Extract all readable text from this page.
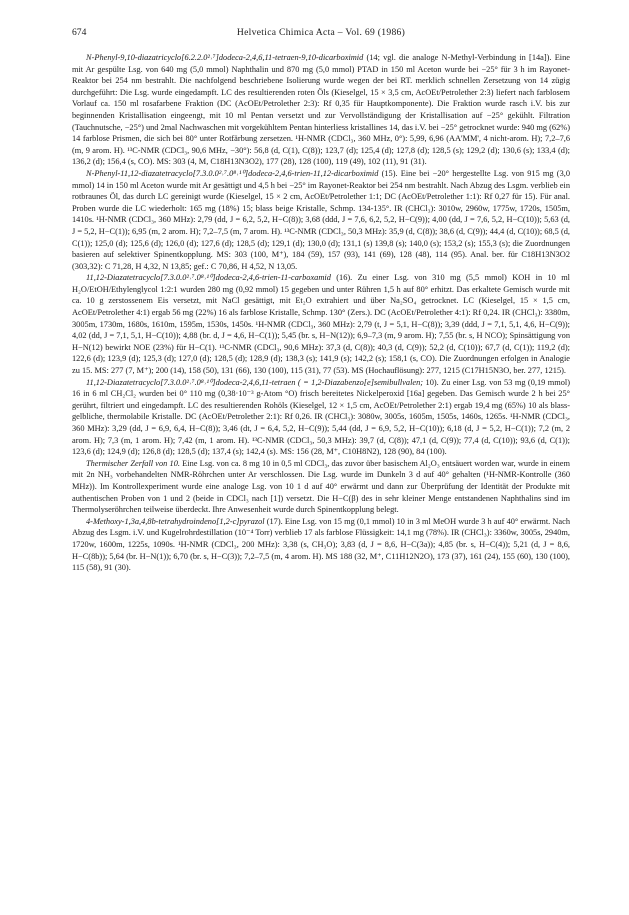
674	Helvetica Chimica Acta – Vol. 69 (1986)

N-Phenyl-9,10-diazatricyclo[6.2.2.0²˒⁷]dodeca-2,4,6,11-tetraen-9,10-dicarboximid (14; vgl. die analoge N-Methyl-Verbindung in [14a]). Eine mit Ar gespülte Lsg. von 640 mg (5,0 mmol) Naphthalin und 870 mg (5,0 mmol) PTAD in 150 ml Aceton wurde bei −25° für 3 h im Rayonet-Reaktor bei 254 nm bestrahlt. Die nachfolgend beschriebene Isolierung wurde wegen der bei RT. merklich schnellen Zersetzung von 14 zügig durchgeführt: Die Lsg. wurde eingedampft. LC des resultierenden roten Öls (Kieselgel, 15 × 3,5 cm, AcOEt/Petrolether 2:3) liefert nach farblosem Vorlauf ca. 150 ml rosafarbene Fraktion (DC (AcOEt/Petrolether 2:3): Rf 0,35 für Hauptkomponente). Die Fraktion wurde rasch i.V. bis zur beginnenden Kristallisation eingeengt, mit 10 ml Pentan versetzt und zur Vervollständigung der Kristallisation auf −25° gekühlt. Filtration (Tauchnutsche, −25°) und 2mal Nachwaschen mit vorgekühltem Pentan hinterliess kristallines 14, das i.V. bei −25° getrocknet wurde: 940 mg (62%) 14 farblose Prismen, die sich bei 80° unter Rotfärbung zersetzen. ¹H-NMR (CDCl₃, 360 MHz, 0°): 5,99, 6,96 (AA'MM', 4 nicht-arom. H); 7,2–7,6 (m, 9 arom. H). ¹³C-NMR (CDCl₃, 90,6 MHz, −30°): 56,8 (d, C(1), C(8)); 123,7 (d); 125,4 (d); 127,8 (d); 128,5 (s); 129,2 (d); 130,6 (s); 133,4 (d); 136,2 (d); 156,4 (s, CO). MS: 303 (4, M, C18H13N3O2), 177 (28), 128 (100), 119 (49), 102 (11), 91 (31).

N-Phenyl-11,12-diazatetracyclo[7.3.0.0²˒⁷.0⁸˒¹⁰]dodeca-2,4,6-trien-11,12-dicarboximid (15). Eine bei −20° hergestellte Lsg. von 915 mg (3,0 mmol) 14 in 150 ml Aceton wurde mit Ar gesättigt und 4,5 h bei −25° im Rayonet-Reaktor bei 254 nm bestrahlt. Nach Abzug des Lsgm. verblieb ein rotbraunes Öl, das durch LC gereinigt wurde (Kieselgel, 15 × 2 cm, AcOEt/Petrolether 1:1; DC (AcOEt/Petrolether 1:1): Rf 0,27 für 15). Für anal. Proben wurde die LC wiederholt: 165 mg (18%) 15; blass beige Kristalle, Schmp. 134-135°. IR (CHCl₃): 3010w, 2960w, 1775w, 1720s, 1505m, 1410s. ¹H-NMR (CDCl₃, 360 MHz): 2,79 (dd, J = 6,2, 5,2, H−C(8)); 3,68 (ddd, J = 7,6, 6,2, 5,2, H−C(9)); 4,00 (dd, J = 7,6, 5,2, H−C(10)); 5,63 (d, J = 5,2, H−C(1)); 6,95 (m, 2 arom. H); 7,2–7,5 (m, 7 arom. H). ¹³C-NMR (CDCl₃, 50,3 MHz): 35,9 (d, C(8)); 38,6 (d, C(9)); 44,4 (d, C(10)); 68,5 (d, C(1)); 125,0 (d); 125,6 (d); 126,0 (d); 127,6 (d); 128,5 (d); 129,1 (d); 130,0 (d); 131,1 (s) 139,8 (s); 140,0 (s); 153,2 (s); 155,3 (s); die Zuordnungen basieren auf selektiver Spinentkopplung. MS: 303 (100, M⁺), 184 (59), 157 (93), 141 (69), 128 (48), 114 (95). Anal. ber. für C18H13N3O2 (303,32): C 71,28, H 4,32, N 13,85; gef.: C 70,86, H 4,52, N 13,05.

11,12-Diazatetracyclo[7.3.0.0²˒⁷.0⁸˒¹⁰]dodeca-2,4,6-trien-11-carboxamid (16). Zu einer Lsg. von 310 mg (5,5 mmol) KOH in 10 ml H₂O/EtOH/Ethylenglycol 1:2:1 wurden 280 mg (0,92 mmol) 15 gegeben und unter Rühren 1,5 h auf 80° erhitzt. Das erkaltete Gemisch wurde mit ca. 10 g zerstossenem Eis versetzt, mit NaCl gesättigt, mit Et₂O extrahiert und über Na₂SO₄ getrocknet. LC (Kieselgel, 15 × 1,5 cm, AcOEt/Petrolether 4:1) ergab 56 mg (22%) 16 als farblose Kristalle, Schmp. 130° (Zers.). DC (AcOEt/Petrolether 4:1): Rf 0,24. IR (CHCl₃): 3380m, 3005m, 1730m, 1680s, 1610m, 1595m, 1530s, 1450s. ¹H-NMR (CDCl₃, 360 MHz): 2,79 (t, J = 5,1, H−C(8)); 3,39 (ddd, J = 7,1, 5,1, 4,6, H−C(9)); 4,02 (dd, J = 7,1, 5,1, H−C(10)); 4,88 (br. d, J = 4,6, H−C(1)); 5,45 (br. s, H−N(12)); 6,9–7,3 (m, 9 arom. H); 7,55 (br. s, H NCO); Spinsättigung von H−N(12) bewirkt NOE (23%) für H−C(1). ¹³C-NMR (CDCl₃, 90,6 MHz): 37,3 (d, C(8)); 40,3 (d, C(9)); 52,2 (d, C(10)); 67,7 (d, C(1)); 119,2 (d); 122,6 (d); 123,9 (d); 125,3 (d); 127,0 (d); 128,5 (d); 128,9 (d); 138,3 (s); 141,9 (s); 142,2 (s); 158,1 (s, CO). Die Zuordnungen erfolgen in Analogie zu 15. MS: 277 (7, M⁺); 200 (14), 158 (50), 131 (66), 130 (100), 115 (31), 77 (53). MS (Hochauflösung): 277, 1215 (C17H15N3O, ber. 277, 1215).

11,12-Diazatetracyclo[7.3.0.0²˒⁷.0⁸˒¹⁰]dodeca-2,4,6,11-tetraen ( = 1,2-Diazabenzo[e]semibullvalen; 10). Zu einer Lsg. von 53 mg (0,19 mmol) 16 in 6 ml CH₂Cl₂ wurden bei 0° 110 mg (0,38·10⁻³ g-Atom °O) frisch bereitetes Nickelperoxid [16a] gegeben. Das Gemisch wurde 2 h bei 25° gerührt, filtriert und eingedampft. LC des resultierenden Rohöls (Kieselgel, 12 × 1,5 cm, AcOEt/Petrolether 2:1) ergab 19,4 mg (65%) 10 als blass-gelbliche, thermolabile Kristalle. DC (AcOEt/Petrolether 2:1): Rf 0,26. IR (CHCl₃): 3080w, 3005s, 1605m, 1505s, 1460s, 1265s. ¹H-NMR (CDCl₃, 360 MHz): 3,29 (dd, J = 6,9, 6,4, H−C(8)); 3,46 (dt, J = 6,4, 5,2, H−C(9)); 5,44 (dd, J = 6,9, 5,2, H−C(10)); 6,18 (d, J = 5,2, H−C(1)); 7,2 (m, 2 arom. H); 7,3 (m, 1 arom. H); 7,42 (m, 1 arom. H). ¹³C-NMR (CDCl₃, 50,3 MHz): 39,7 (d, C(8)); 47,1 (d, C(9)); 77,4 (d, C(10)); 93,6 (d, C(1)); 123,6 (d); 124,9 (d); 126,8 (d); 128,5 (d); 137,4 (s); 142,4 (s). MS: 156 (28, M⁺, C10H8N2), 128 (90), 84 (100).

Thermischer Zerfall von 10. Eine Lsg. von ca. 8 mg 10 in 0,5 ml CDCl₃, das zuvor über basischem Al₂O₃ entsäuert worden war, wurde in einem mit 2n NH₃ vorbehandelten NMR-Röhrchen unter Ar verschlossen. Die Lsg. wurde im Dunkeln 3 d auf 40° gehalten (¹H-NMR-Kontrolle (360 MHz)). Im Kontrollexperiment wurde eine analoge Lsg. von 10 1 d auf 40° erwärmt und dann zur Überprüfung der Identität der Produkte mit authentischen Proben von 1 und 2 (beide in CDCl₃ nach [1]) versetzt. Die H−C(β) des in sehr kleiner Menge entstandenen Naphthalins sind im Thermolyseröhrchen teilweise überdeckt. Ihre Anwesenheit wurde durch Spinentkopplung belegt.

4-Methoxy-1,3a,4,8b-tetrahydroindeno[1,2-c]pyrazol (17). Eine Lsg. von 15 mg (0,1 mmol) 10 in 3 ml MeOH wurde 3 h auf 40° erwärmt. Nach Abzug des Lsgm. i.V. und Kugelrohrdestillation (10⁻⁴ Torr) verblieb 17 als farblose Flüssigkeit: 14,1 mg (78%). IR (CHCl₃): 3360w, 3005s, 2940m, 1720w, 1600m, 1225s, 1090s. ¹H-NMR (CDCl₃, 200 MHz): 3,38 (s, CH₃O); 3,83 (d, J = 8,6, H−C(3a)); 4,85 (br. s, H−C(4)); 5,21 (d, J = 8,6, H−C(8b)); 5,64 (br. H−N(1)); 6,70 (br. s, H−C(3)); 7,2–7,5 (m, 4 arom. H). MS 188 (32, M⁺, C11H12N2O), 173 (37), 161 (24), 155 (60), 130 (100), 115 (58), 91 (30).
